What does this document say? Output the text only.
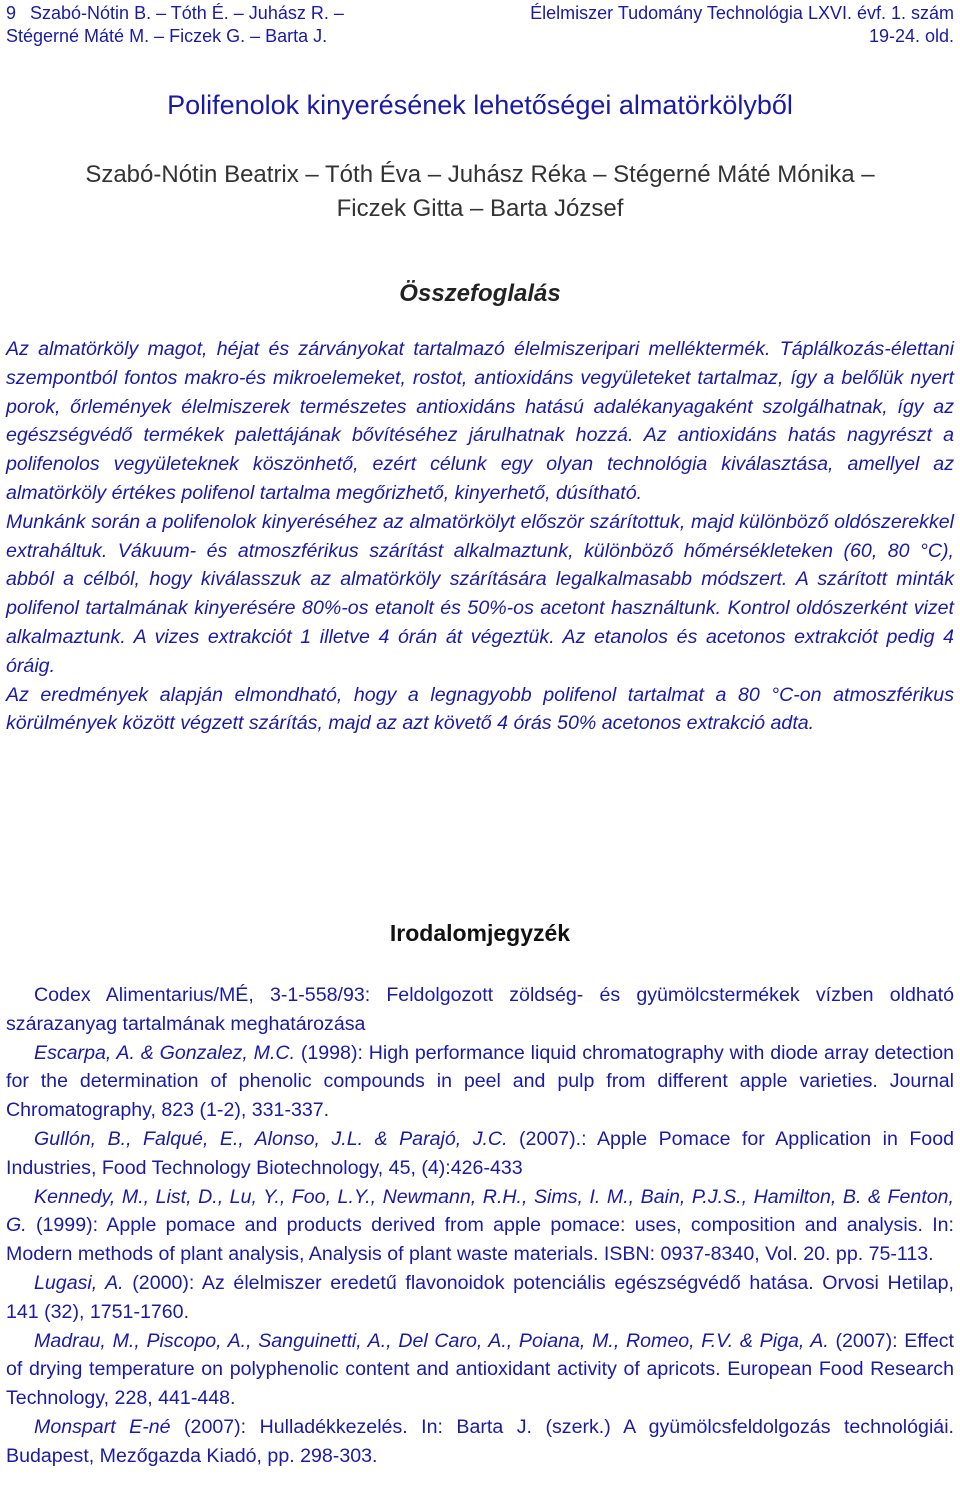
9 Szabó-Nótin B. – Tóth É. – Juhász R. –
Stégerné Máté M. – Ficzek G. – Barta J.
Élelmiszer Tudomány Technológia LXVI. évf. 1. szám
19-24. old.
Polifenolok kinyerésének lehetőségei almatörkölyből
Szabó-Nótin Beatrix – Tóth Éva – Juhász Réka – Stégerné Máté Mónika –
Ficzek Gitta – Barta József
Összefoglalás

Az almatörköly magot, héjat és zárványokat tartalmazó élelmiszeripari melléktermék. Táplálkozás-élettani szempontból fontos makro-és mikroelemeket, rostot, antioxidáns vegyületeket tartalmaz, így a belőlük nyert porok, őrlemények élelmiszerek természetes antioxidáns hatású adalékanyagaként szolgálhatnak, így az egészségvédő termékek palettájának bővítéséhez járulhatnak hozzá. Az antioxidáns hatás nagyrészt a polifenolos vegyületeknek köszönhető, ezért célunk egy olyan technológia kiválasztása, amellyel az almatörköly értékes polifenol tartalma megőrizhető, kinyerhető, dúsítható.

Munkánk során a polifenolok kinyeréséhez az almatörkölyt először szárítottuk, majd különböző oldószerekkel extraháltuk. Vákuum- és atmoszférikus szárítást alkalmaztunk, különböző hőmérsékleteken (60, 80 °C), abból a célból, hogy kiválasszuk az almatörköly szárítására legalkalmasabb módszert. A szárított minták polifenol tartalmának kinyerésére 80%-os etanolt és 50%-os acetont használtunk. Kontrol oldószerként vizet alkalmaztunk. A vizes extrakciót 1 illetve 4 órán át végeztük. Az etanolos és acetonos extrakciót pedig 4 óráig.

Az eredmények alapján elmondható, hogy a legnagyobb polifenol tartalmat a 80 °C-on atmoszférikus körülmények között végzett szárítás, majd az azt követő 4 órás 50% acetonos extrakció adta.

Irodalomjegyzék

Codex Alimentarius/MÉ, 3-1-558/93: Feldolgozott zöldség- és gyümölcstermékek vízben oldható szárazanyag tartalmának meghatározása

Escarpa, A. & Gonzalez, M.C. (1998): High performance liquid chromatography with diode array detection for the determination of phenolic compounds in peel and pulp from different apple varieties. Journal Chromatography, 823 (1-2), 331-337.

Gullón, B., Falqué, E., Alonso, J.L. & Parajó, J.C. (2007).: Apple Pomace for Application in Food Industries, Food Technology Biotechnology, 45, (4):426-433

Kennedy, M., List, D., Lu, Y., Foo, L.Y., Newmann, R.H., Sims, I. M., Bain, P.J.S., Hamilton, B. & Fenton, G. (1999): Apple pomace and products derived from apple pomace: uses, composition and analysis. In: Modern methods of plant analysis, Analysis of plant waste materials. ISBN: 0937-8340, Vol. 20. pp. 75-113.

Lugasi, A. (2000): Az élelmiszer eredetű flavonoidok potenciális egészségvédő hatása. Orvosi Hetilap, 141 (32), 1751-1760.

Madrau, M., Piscopo, A., Sanguinetti, A., Del Caro, A., Poiana, M., Romeo, F.V. & Piga, A. (2007): Effect of drying temperature on polyphenolic content and antioxidant activity of apricots. European Food Research Technology, 228, 441-448.

Monspart E-né (2007): Hulladékkezelés. In: Barta J. (szerk.) A gyümölcsfeldolgozás technológiái. Budapest, Mezőgazda Kiadó, pp. 298-303.
